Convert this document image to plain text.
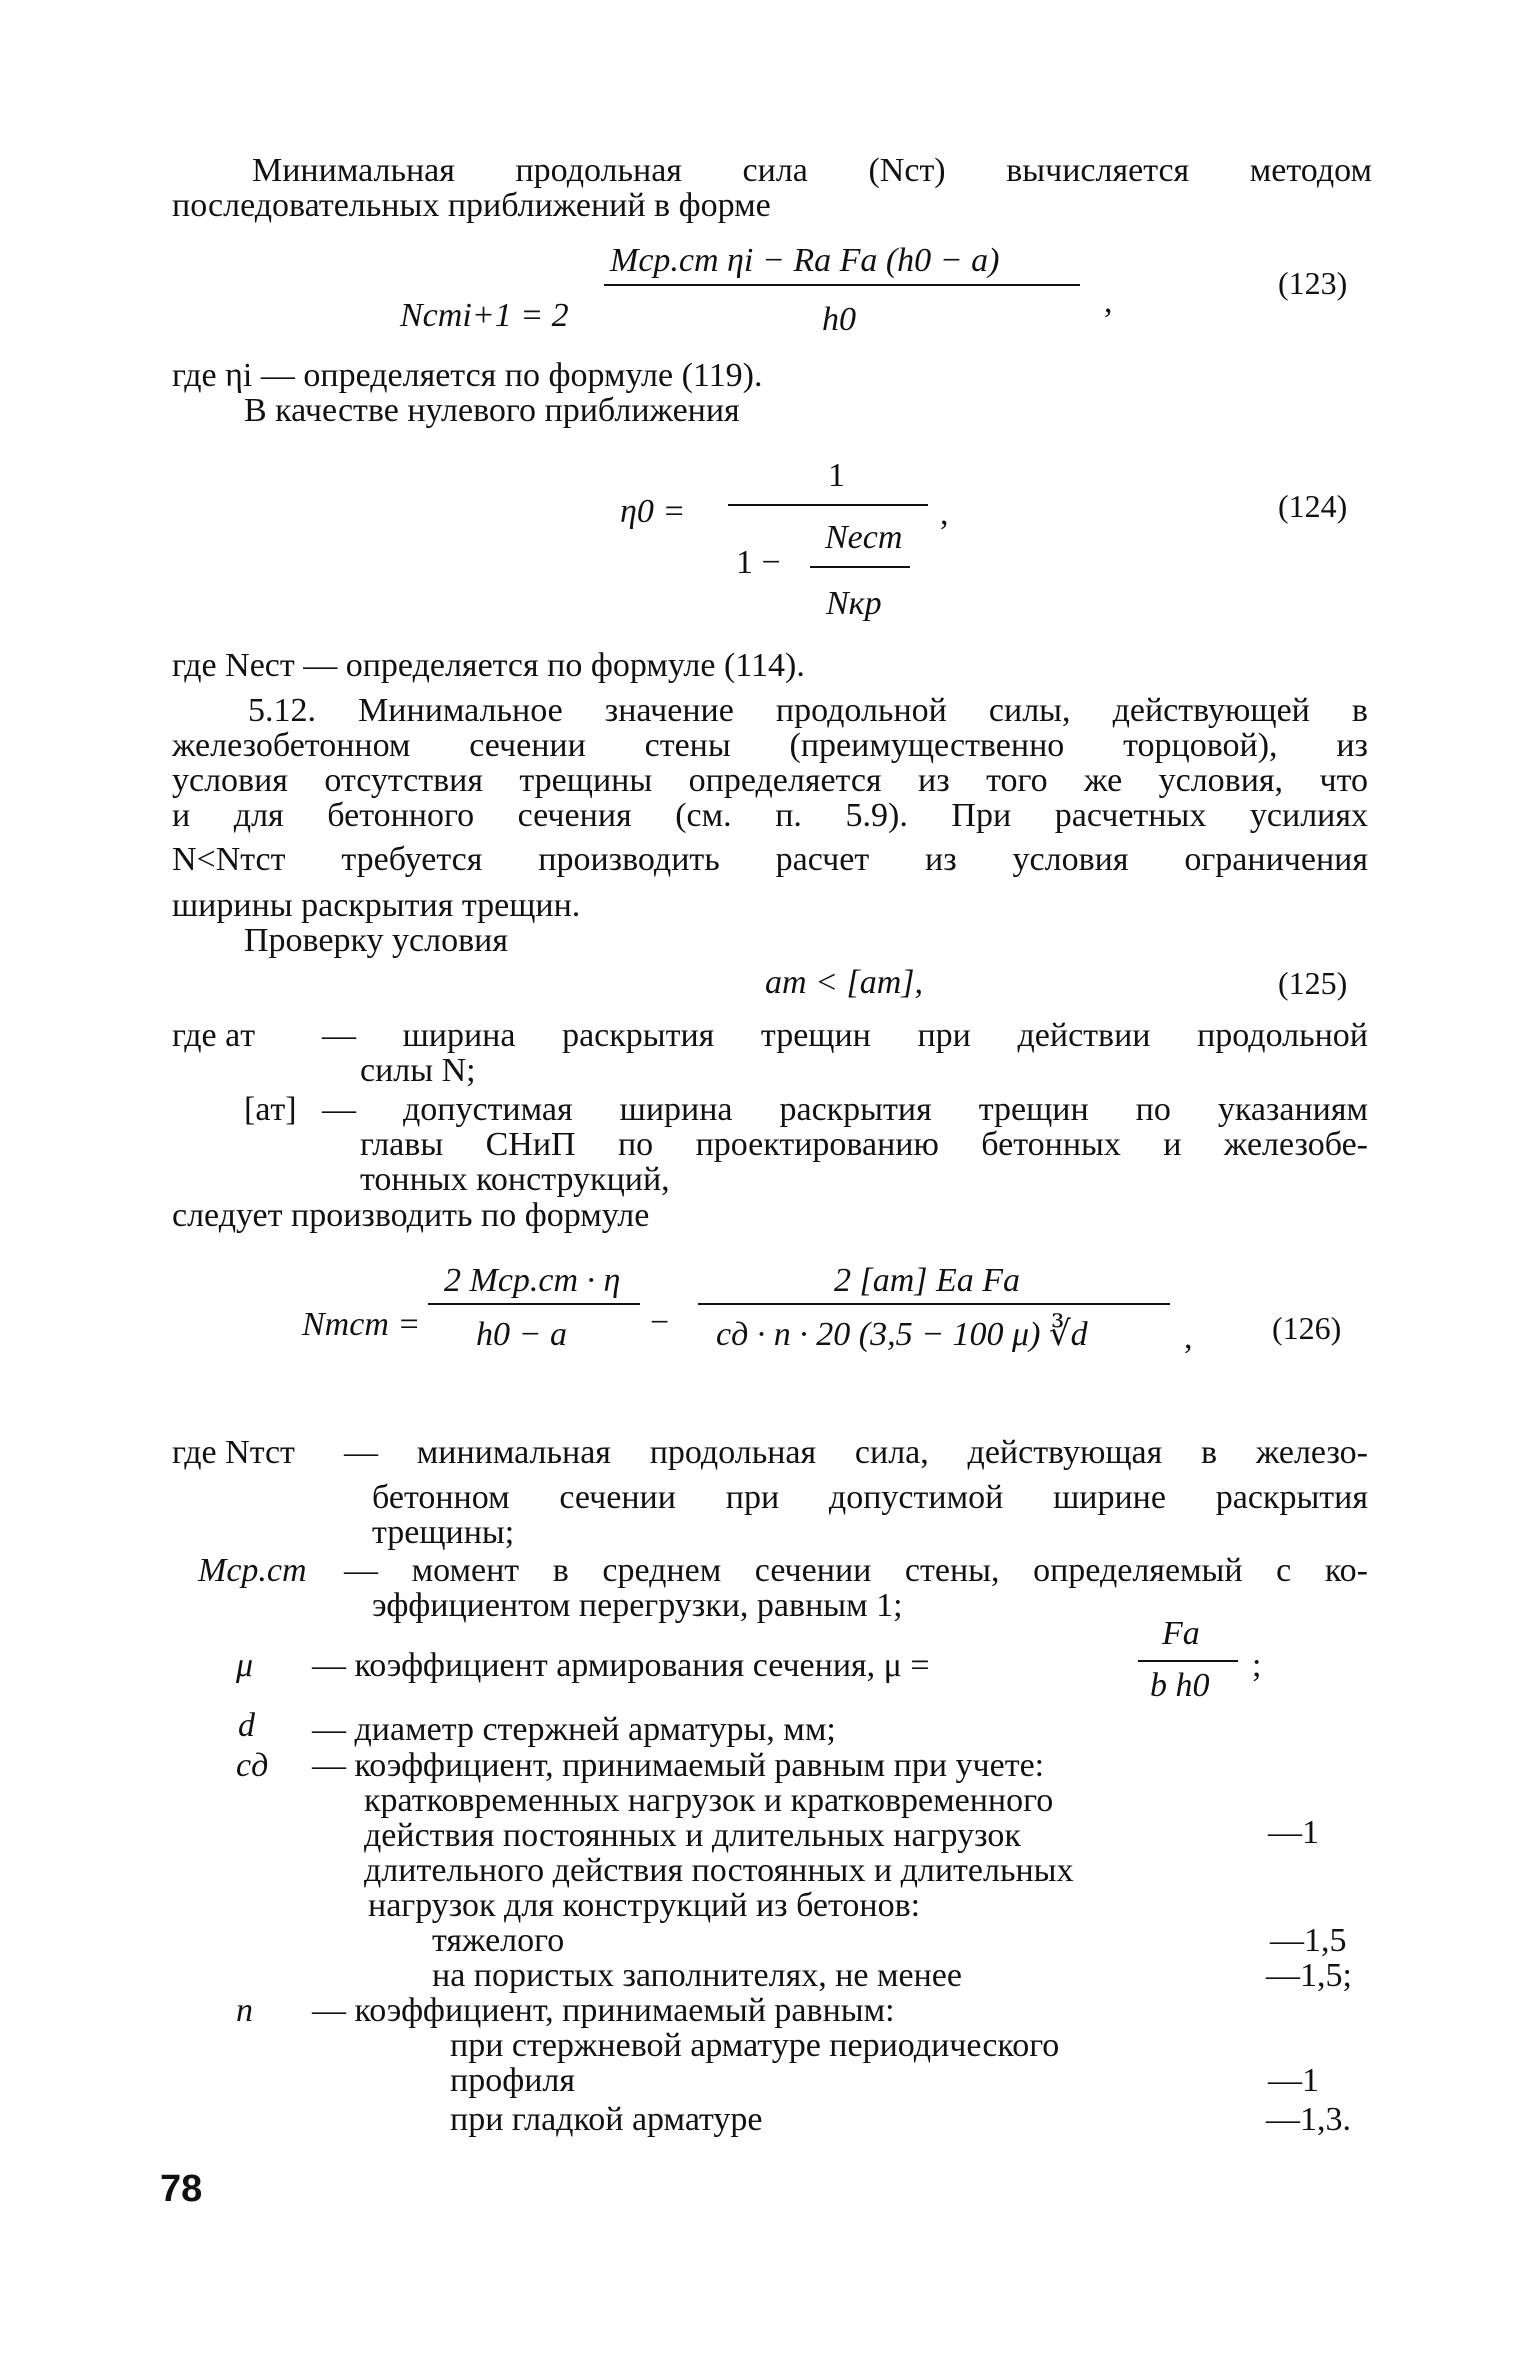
Минимальная продольная сила (Nст) вычисляется методом
последовательных приближений в форме
Nстi+1 = 2
Mср.ст ηi − Ra Fa (h0 − a)
h0	,	(123)
где ηi — определяется по формуле (119).
В качестве нулевого приближения
η0 =
1
1 −
Neст
Nкр
,	(124)
где Neст — определяется по формуле (114).
5.12. Минимальное значение продольной силы, действующей в
железобетонном сечении стены (преимущественно торцовой), из
условия отсутствия трещины определяется из того же условия, что
и для бетонного сечения (см. п. 5.9). При расчетных усилиях
N<Nтст требуется производить расчет из условия ограничения
ширины раскрытия трещин.
Проверку условия
aт < [aт],	(125)
где aт — ширина раскрытия трещин при действии продольной
силы N;
[aт] — допустимая ширина раскрытия трещин по указаниям
главы СНиП по проектированию бетонных и железобе-
тонных конструкций,
следует производить по формуле
Nтст =
2 Mср.ст · η
h0 − a −
2 [aт] Ea Fa
cд · n · 20 (3,5 − 100 μ) ∛d	, (126)
где Nтст — минимальная продольная сила, действующая в железо-
бетонном сечении при допустимой ширине раскрытия
трещины;
Mср.ст — момент в среднем сечении стены, определяемый с ко-
эффициентом перегрузки, равным 1;
μ — коэффициент армирования сечения, μ =
Fa
b h0
;
d — диаметр стержней арматуры, мм;
cд — коэффициент, принимаемый равным при учете:
кратковременных нагрузок и кратковременного
действия постоянных и длительных нагрузок	—1
длительного действия постоянных и длительных
нагрузок для конструкций из бетонов:
тяжелого	—1,5
на пористых заполнителях, не менее	—1,5;
n — коэффициент, принимаемый равным:
при стержневой арматуре периодического
профиля	—1
при гладкой арматуре	—1,3.
78
